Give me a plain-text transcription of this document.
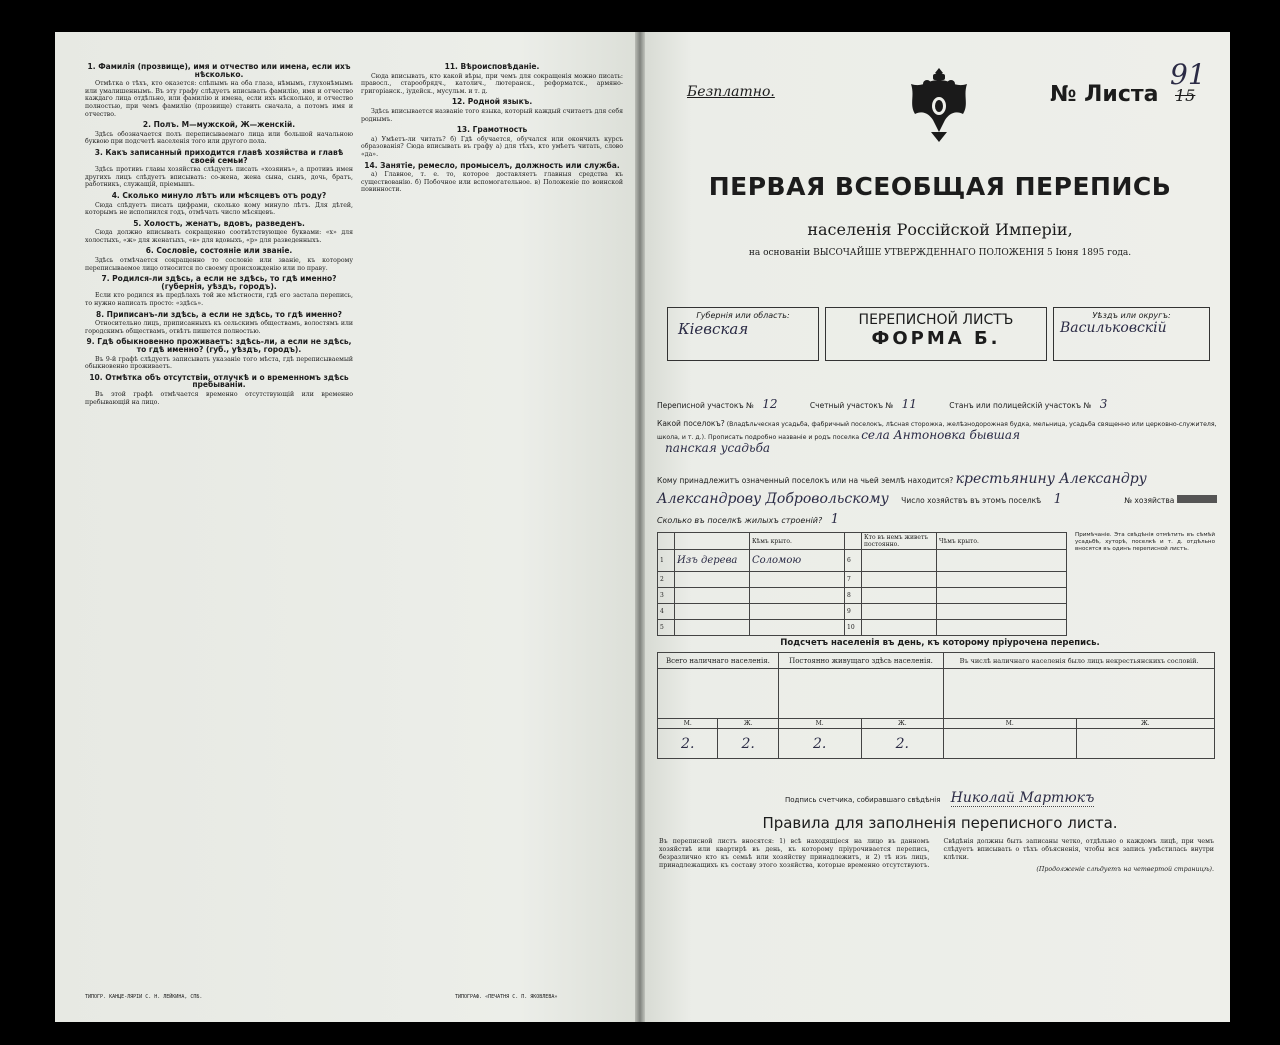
1. Фамилія (прозвище), имя и отчество или имена, если ихъ нѣсколько.

Отмѣтка о тѣхъ, кто оказется: слѣпымъ на оба глаза, нѣмымъ, глухонѣмымъ или умалишеннымъ. Въ эту графу слѣдуетъ вписывать фамилію, имя и отчество каждаго лица отдѣльно, или фамилію и имена, если ихъ нѣсколько, и отчество полностью, при чемъ фамилію (прозвище) ставить сначала, а потомъ имя и отчество.

2. Полъ. М—мужской, Ж—женскій.

Здѣсь обозначается полъ переписываемаго лица или большой начальною буквою при подсчетѣ населенія того или другого пола.

3. Какъ записанный приходится главѣ хозяйства и главѣ своей семьи?

Здѣсь противъ главы хозяйства слѣдуетъ писать «хозяинъ», а противъ имен другихъ лицъ слѣдуетъ вписывать: со-жена, жена сына, сынъ, дочь, братъ, работникъ, служащій, пріемышъ.

4. Сколько минуло лѣтъ или мѣсяцевъ отъ роду?

Сюда слѣдуетъ писать цифрами, сколько кому минуло лѣтъ. Для дѣтей, которымъ не исполнился годъ, отмѣчать число мѣсяцевъ.

5. Холостъ, женатъ, вдовъ, разведенъ.

Сюда должно вписывать сокращенно соотвѣтствующее буквами: «х» для холостыхъ, «ж» для женатыхъ, «в» для вдовыхъ, «р» для разведенныхъ.

6. Сословіе, состояніе или званіе.

Здѣсь отмѣчается сокращенно то сословіе или званіе, къ которому переписываемое лицо относится по своему происхожденію или по праву.

7. Родился-ли здѣсь, а если не здѣсь, то гдѣ именно? (губернія, уѣздъ, городъ).

Если кто родился въ предѣлахъ той же мѣстности, гдѣ его застала перепись, то нужно написать просто: «здѣсь».

8. Приписанъ-ли здѣсь, а если не здѣсь, то гдѣ именно?

Относительно лицъ, приписанныхъ къ сельскимъ обществамъ, волостямъ или городскимъ обществамъ, отвѣтъ пишется полностью.

9. Гдѣ обыкновенно проживаетъ: здѣсь-ли, а если не здѣсь, то гдѣ именно? (губ., уѣздъ, городъ).

Въ 9-й графѣ слѣдуетъ записывать указаніе того мѣста, гдѣ переписываемый обыкновенно проживаетъ.

10. Отмѣтка объ отсутствіи, отлучкѣ и о временномъ здѣсь пребываніи.

Въ этой графѣ отмѣчается временно отсутствующій или временно пребывающій на лицо.

11. Вѣроисповѣданіе.

Сюда вписывать, кто какой вѣры, при чемъ для сокращенія можно писать: правосл., старообрядч., католич., лютеранск., реформатск., армяно-григоріанск., іудейск., мусульм. и т. д.

12. Родной языкъ.

Здѣсь вписывается названіе того языка, который каждый считаетъ для себя роднымъ.

13. Грамотность

а) Умѣетъ-ли читать? б) Гдѣ обучается, обучался или окончилъ курсъ образованія? Сюда вписывать въ графу а) для тѣхъ, кто умѣетъ читать, слово «да».

14. Занятіе, ремесло, промыселъ, должность или служба.

а) Главное, т. е. то, которое доставляетъ главныя средства къ существованію. б) Побочное или вспомогательное. в) Положеніе по воинской повинности.

ТИПОГР. КАНЦЕ-ЛЯРІИ С. Н. ЛЕЙКИНА, СПБ.	ТИПОГРАФ. «ПЕЧАТНЯ С. П. ЯКОВЛЕВА»
Безплатно.	№ Листа
91
15
ПЕРВАЯ ВСЕОБЩАЯ ПЕРЕПИСЬ
населенія Россійской Имперіи,
на основаніи ВЫСОЧАЙШЕ УТВЕРЖДЕННАГО ПОЛОЖЕНІЯ 5 Іюня 1895 года.
Губернія или область:
Кіевская	ПЕРЕПИСНОЙ ЛИСТЪ
ФОРМА Б.
Уѣздъ или округъ:
Васильковскій
Переписной участокъ № 12	Счетный участокъ № 11	Станъ или полицейскій участокъ № 3
Какой поселокъ? (Владѣльческая усадьба, фабричный поселокъ, лѣсная сторожка, желѣзнодорожная будка, мельница, усадьба священно или церковно-служителя, школа, и т. д.). Прописать подробно названіе и родъ поселка села Антоновка бывшая
панская усадьба
Кому принадлежитъ означенный поселокъ или на чьей землѣ находится? крестьянину Александру
Александрову Добровольскому Число хозяйствъ въ этомъ поселкѣ 1	№ хозяйства
Сколько въ поселкѣ жилыхъ строеній? 1
		Кѣмъ крыто.		Кто въ немъ живетъ постоянно.	Чѣмъ крыто.
1	Изъ дерева	Соломою	6		
2			7		
3			8		
4			9		
5			10		
Примѣчаніе. Эта свѣдѣнія отмѣтить въ сѣмѣй усадьбѣ, хуторѣ, поселкѣ и т. д. отдѣльно вносятся въ одинъ переписной листъ.
Подсчетъ населенія въ день, къ которому пріурочена перепись.
Всего наличнаго населенія.		Постоянно живущаго здѣсь населенія.		Въ числѣ наличнаго населенія было лицъ некрестьянскихъ сословій.	

М.	Ж.	М.	Ж.	М.	Ж.
2.	2.	2.	2.		
Подпись счетчика, собиравшаго свѣдѣнія Николай Мартюкъ
Правила для заполненія переписного листа.
Въ переписной листъ вносятся: 1) всѣ находящіеся на лицо въ данномъ хозяйствѣ или квартирѣ въ день, къ которому пріурочивается перепись, безразлично кто къ семьѣ или хозяйству принадлежитъ, и 2) тѣ изъ лицъ, принадлежащихъ къ составу этого хозяйства, которые временно отсутствуютъ. Свѣдѣнія должны быть записаны четко, отдѣльно о каждомъ лицѣ, при чемъ слѣдуетъ вписывать о тѣхъ объясненія, чтобы вся запись умѣстилась внутри клѣтки.
(Продолженіе слѣдуетъ на четвертой страницѣ).
